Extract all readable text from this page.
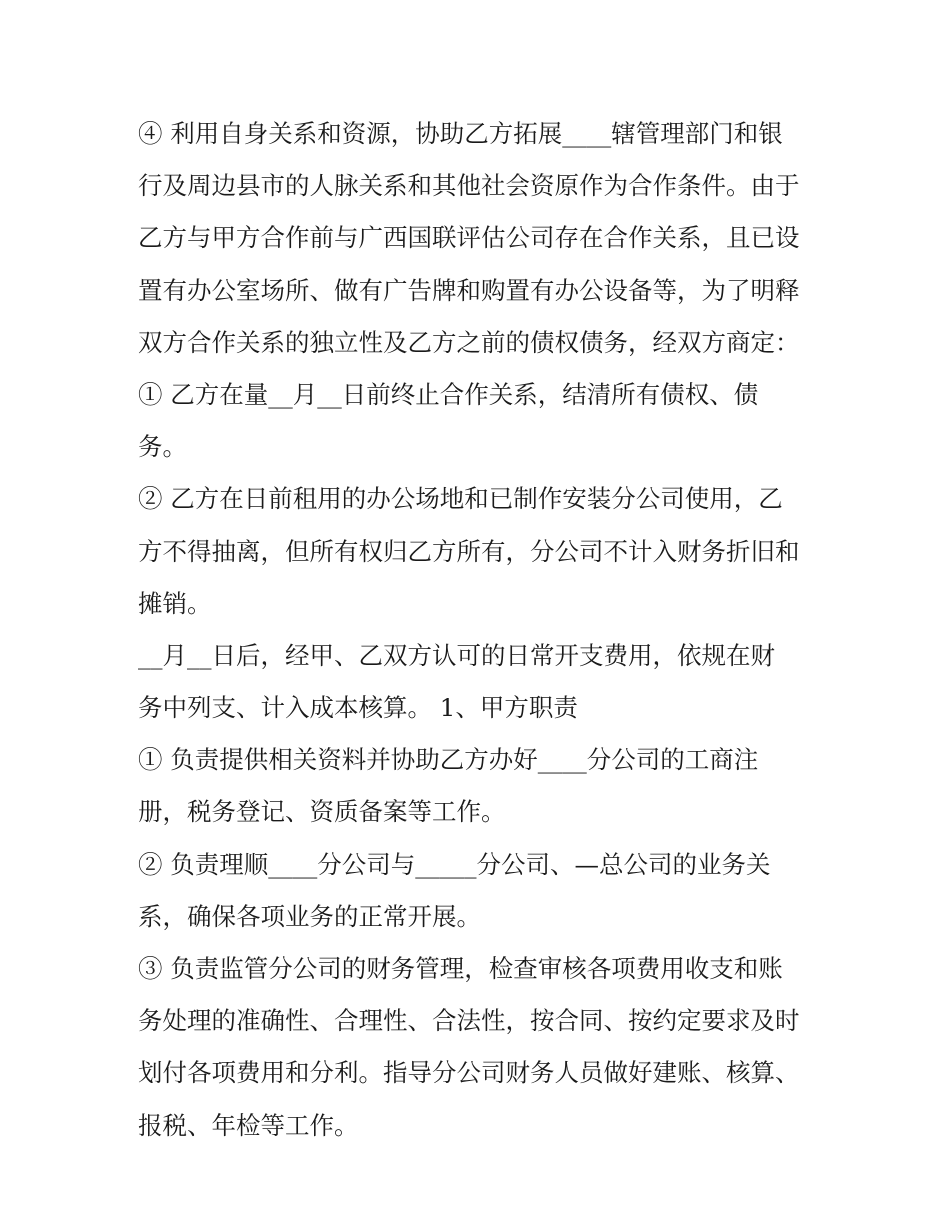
④ 利用自身关系和资源，协助乙方拓展____辖管理部门和银
行及周边县市的人脉关系和其他社会资原作为合作条件。由于
乙方与甲方合作前与广西国联评估公司存在合作关系，且已设
置有办公室场所、做有广告牌和购置有办公设备等，为了明释
双方合作关系的独立性及乙方之前的债权债务，经双方商定：
① 乙方在量__月__日前终止合作关系，结清所有债权、债
务。
② 乙方在日前租用的办公场地和已制作安装分公司使用，乙
方不得抽离，但所有权归乙方所有，分公司不计入财务折旧和
摊销。
__月__日后，经甲、乙双方认可的日常开支费用，依规在财
务中列支、计入成本核算。 1、甲方职责
① 负责提供相关资料并协助乙方办好____分公司的工商注
册，税务登记、资质备案等工作。
② 负责理顺____分公司与_____分公司、—总公司的业务关
系，确保各项业务的正常开展。
③ 负责监管分公司的财务管理，检查审核各项费用收支和账
务处理的准确性、合理性、合法性，按合同、按约定要求及时
划付各项费用和分利。指导分公司财务人员做好建账、核算、
报税、年检等工作。
